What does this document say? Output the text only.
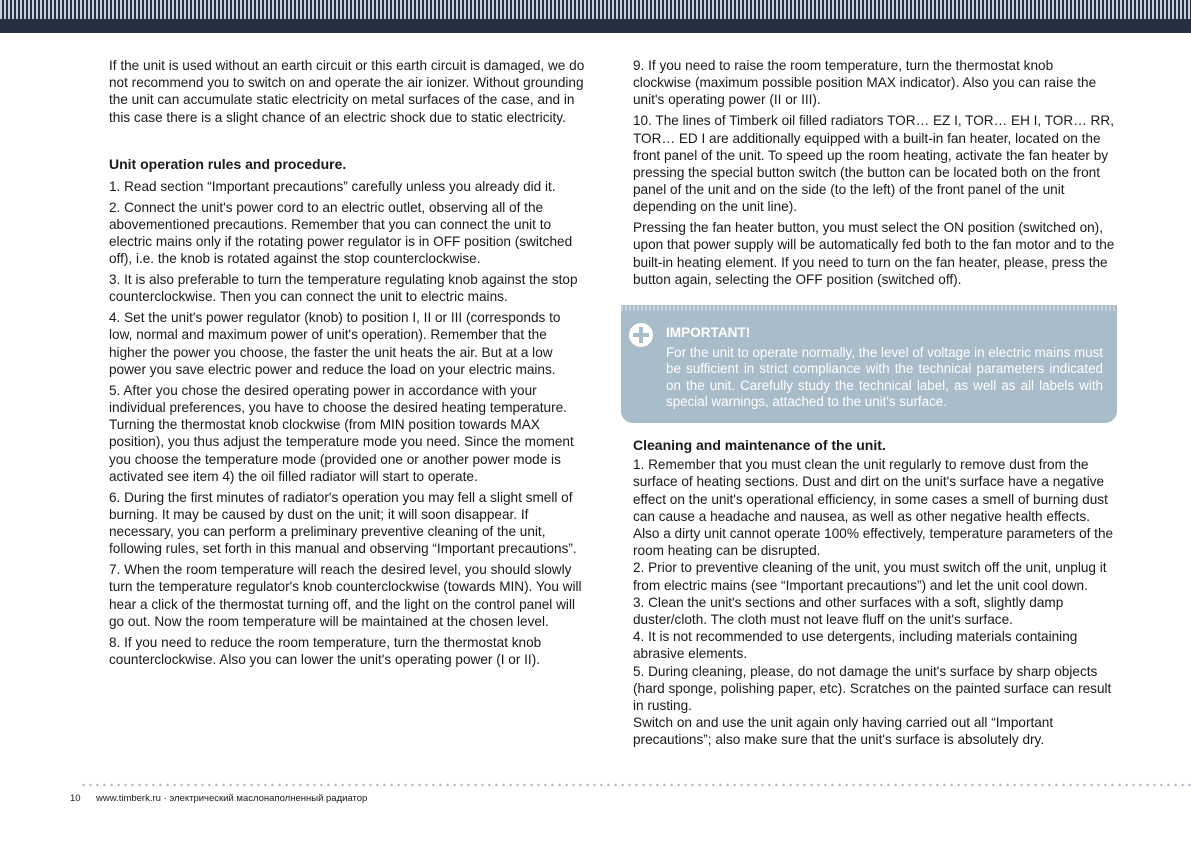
If the unit is used without an earth circuit or this earth circuit is damaged, we do not recommend you to switch on and operate the air ionizer. Without grounding the unit can accumulate static electricity on metal surfaces of the case, and in this case there is a slight chance of an electric shock due to static electricity.

Unit operation rules and procedure.

1. Read section “Important precautions” carefully unless you already did it.

2. Connect the unit's power cord to an electric outlet, observing all of the abovementioned precautions. Remember that you can connect the unit to electric mains only if the rotating power regulator is in OFF position (switched off), i.e. the knob is rotated against the stop counterclockwise.

3. It is also preferable to turn the temperature regulating knob against the stop counterclockwise. Then you can connect the unit to electric mains.

4. Set the unit's power regulator (knob) to position I, II or III (corresponds to low, normal and maximum power of unit's operation). Remember that the higher the power you choose, the faster the unit heats the air. But at a low power you save electric power and reduce the load on your electric mains.

5. After you chose the desired operating power in accordance with your individual preferences, you have to choose the desired heating temperature. Turning the thermostat knob clockwise (from MIN position towards MAX position), you thus adjust the temperature mode you need. Since the moment you choose the temperature mode (provided one or another power mode is activated see item 4) the oil filled radiator will start to operate.

6. During the first minutes of radiator's operation you may fell a slight smell of burning. It may be caused by dust on the unit; it will soon disappear. If necessary, you can perform a preliminary preventive cleaning of the unit, following rules, set forth in this manual and observing “Important precautions”.

7. When the room temperature will reach the desired level, you should slowly turn the temperature regulator's knob counterclockwise (towards MIN). You will hear a click of the thermostat turning off, and the light on the control panel will go out. Now the room temperature will be maintained at the chosen level.

8. If you need to reduce the room temperature, turn the thermostat knob counterclockwise. Also you can lower the unit's operating power (I or II).

9. If you need to raise the room temperature, turn the thermostat knob clockwise (maximum possible position MAX indicator). Also you can raise the unit's operating power (II or III).

10. The lines of Timberk oil filled radiators TOR… EZ I, TOR… EH I, TOR… RR, TOR… ED I are additionally equipped with a built-in fan heater, located on the front panel of the unit. To speed up the room heating, activate the fan heater by pressing the special button switch (the button can be located both on the front panel of the unit and on the side (to the left) of the front panel of the unit depending on the unit line).

Pressing the fan heater button, you must select the ON position (switched on), upon that power supply will be automatically fed both to the fan motor and to the built-in heating element. If you need to turn on the fan heater, please, press the button again, selecting the OFF position (switched off).

IMPORTANT!
For the unit to operate normally, the level of voltage in electric mains must be sufficient in strict compliance with the technical parameters indicated on the unit. Carefully study the technical label, as well as all labels with special warnings, attached to the unit's surface.

Cleaning and maintenance of the unit.

1. Remember that you must clean the unit regularly to remove dust from the surface of heating sections. Dust and dirt on the unit's surface have a negative effect on the unit's operational efficiency, in some cases a smell of burning dust can cause a headache and nausea, as well as other negative health effects. Also a dirty unit cannot operate 100% effectively, temperature parameters of the room heating can be disrupted.

2. Prior to preventive cleaning of the unit, you must switch off the unit, unplug it from electric mains (see “Important precautions”) and let the unit cool down.

3. Clean the unit's sections and other surfaces with a soft, slightly damp duster/cloth. The cloth must not leave fluff on the unit's surface.

4. It is not recommended to use detergents, including materials containing abrasive elements.

5. During cleaning, please, do not damage the unit's surface by sharp objects (hard sponge, polishing paper, etc). Scratches on the painted surface can result in rusting.

Switch on and use the unit again only having carried out all “Important precautions”; also make sure that the unit's surface is absolutely dry.

10 www.timberk.ru · электрический маслонаполненный радиатор
